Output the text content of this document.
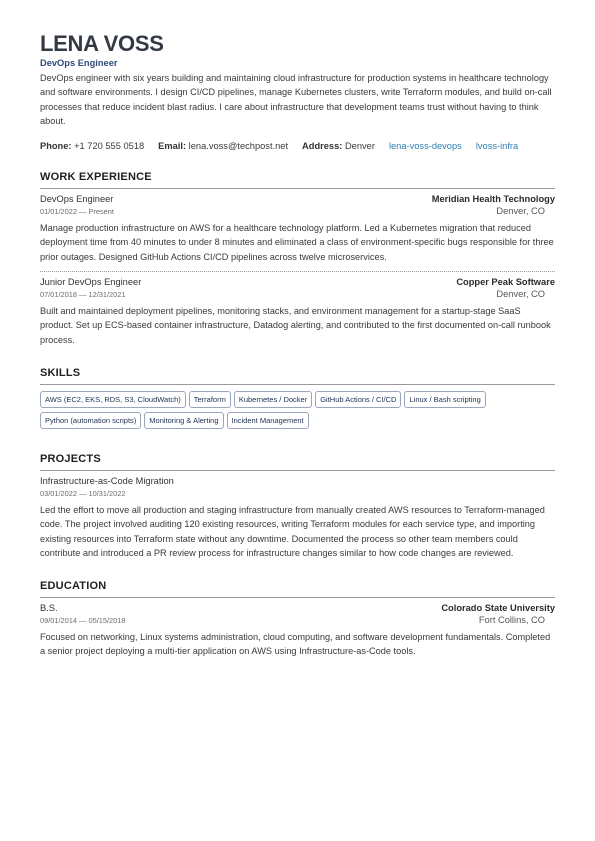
LENA VOSS
DevOps Engineer
DevOps engineer with six years building and maintaining cloud infrastructure for production systems in healthcare technology and software environments. I design CI/CD pipelines, manage Kubernetes clusters, write Terraform modules, and build on-call processes that reduce incident blast radius. I care about infrastructure that development teams trust without having to think about.
Phone: +1 720 555 0518 Email: lena.voss@techpost.net Address: Denver lena-voss-devops lvoss-infra
WORK EXPERIENCE
DevOps Engineer	Meridian Health Technology
01/01/2022 — Present	Denver, CO
Manage production infrastructure on AWS for a healthcare technology platform. Led a Kubernetes migration that reduced deployment time from 40 minutes to under 8 minutes and eliminated a class of environment-specific bugs responsible for three prior outages. Designed GitHub Actions CI/CD pipelines across twelve microservices.
Junior DevOps Engineer	Copper Peak Software
07/01/2018 — 12/31/2021	Denver, CO
Built and maintained deployment pipelines, monitoring stacks, and environment management for a startup-stage SaaS product. Set up ECS-based container infrastructure, Datadog alerting, and contributed to the first documented on-call runbook process.
SKILLS
AWS (EC2, EKS, RDS, S3, CloudWatch)	Terraform	Kubernetes / Docker	GitHub Actions / CI/CD	Linux / Bash scripting
Python (automation scripts)	Monitoring & Alerting	Incident Management
PROJECTS
Infrastructure-as-Code Migration
03/01/2022 — 10/31/2022
Led the effort to move all production and staging infrastructure from manually created AWS resources to Terraform-managed code. The project involved auditing 120 existing resources, writing Terraform modules for each service type, and importing existing resources into Terraform state without any downtime. Documented the process so other team members could contribute and introduced a PR review process for infrastructure changes similar to how code changes are reviewed.
EDUCATION
B.S.	Colorado State University
09/01/2014 — 05/15/2018	Fort Collins, CO
Focused on networking, Linux systems administration, cloud computing, and software development fundamentals. Completed a senior project deploying a multi-tier application on AWS using Infrastructure-as-Code tools.
